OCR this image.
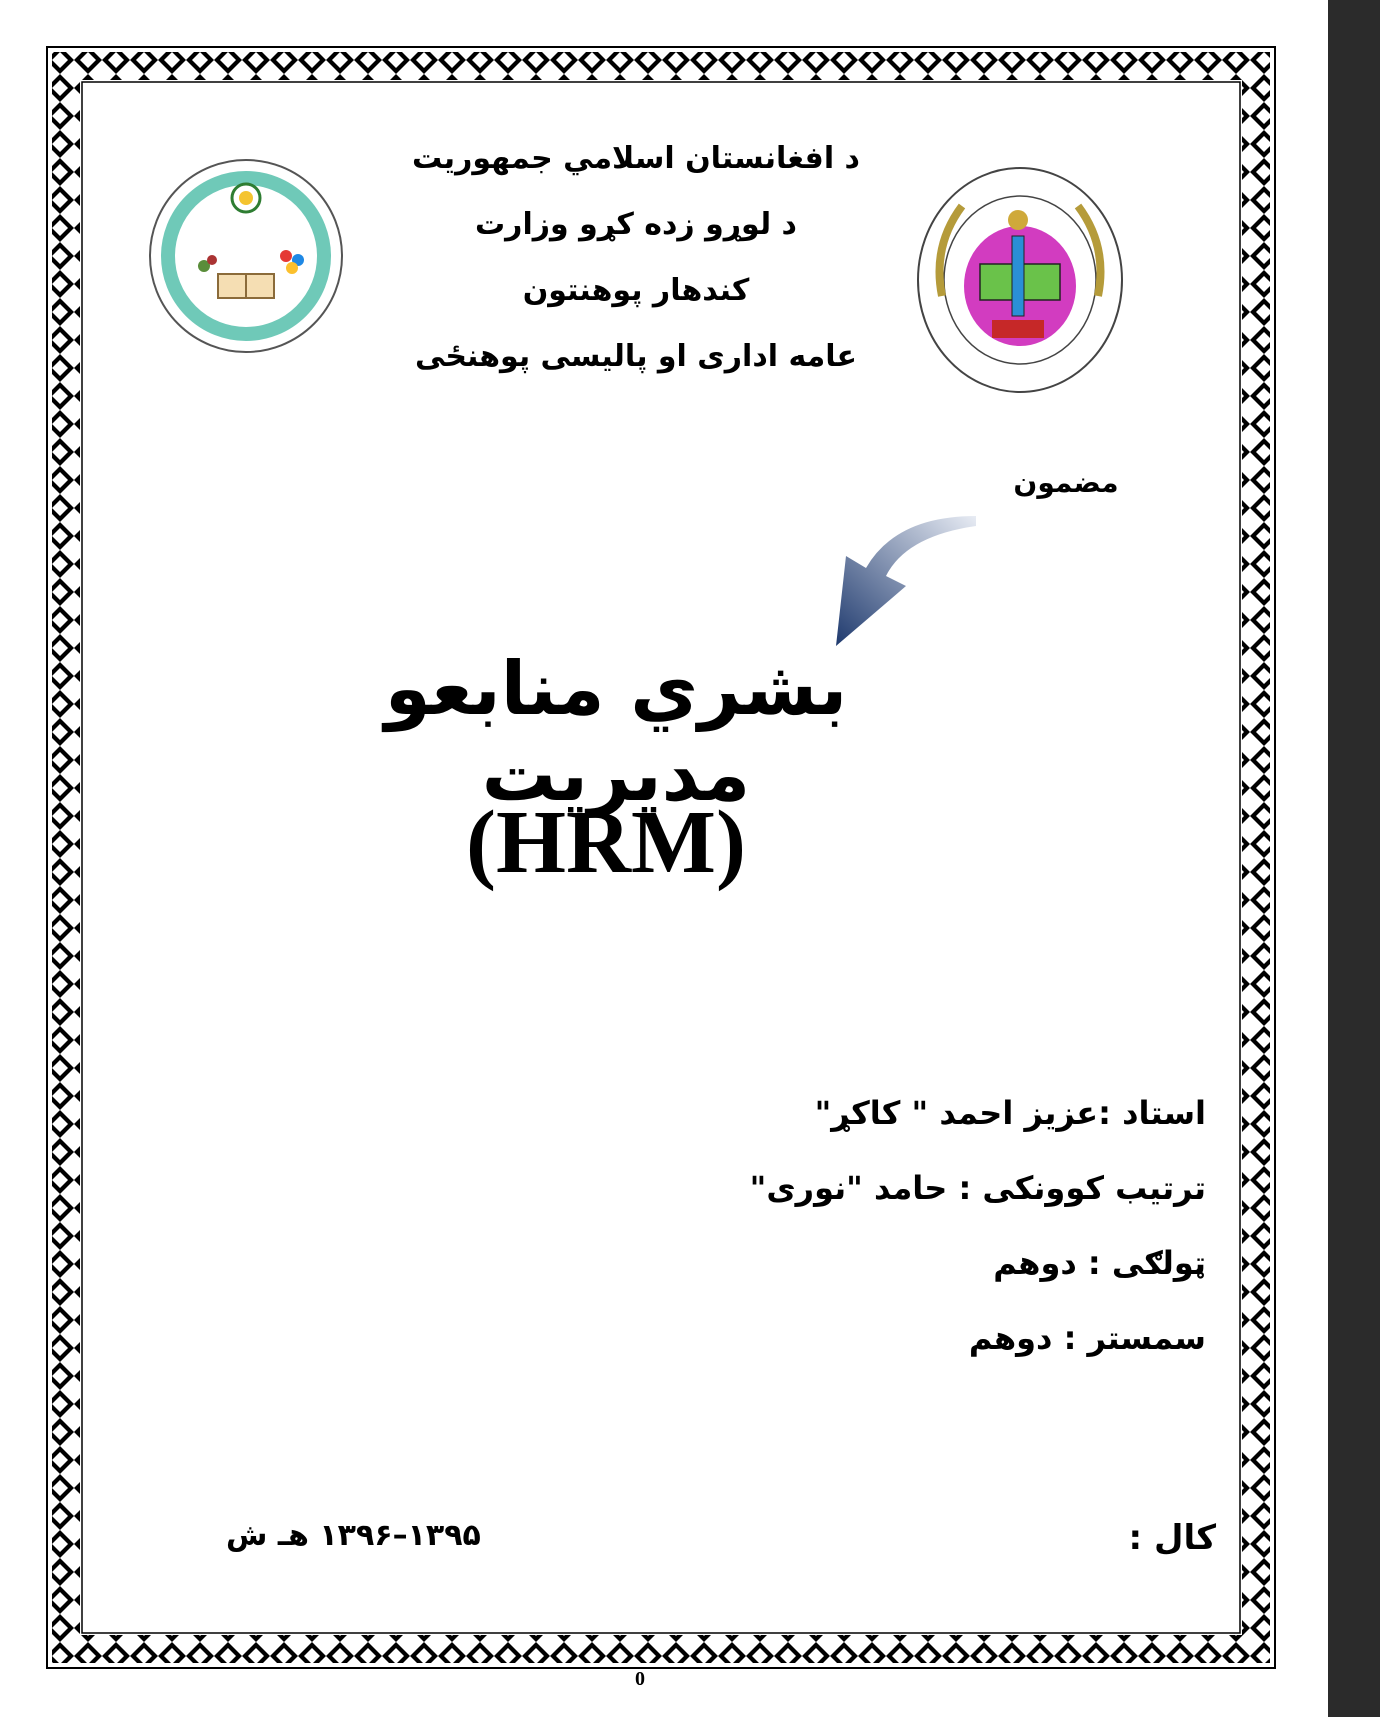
د افغانستان اسلامي جمهوریت
د لوړو زده کړو وزارت
کندهار پوهنتون
عامه اداری او پالیسی پوهنځی
مضمون
بشري منابعو مدیریت
(HRM)
استاد :عزیز احمد " کاکړ"
ترتیب کوونکی : حامد "نوری"
ټولګی : دوهم
سمستر : دوهم
کال :
۱۳۹۵–۱۳۹۶ هـ ش
0
